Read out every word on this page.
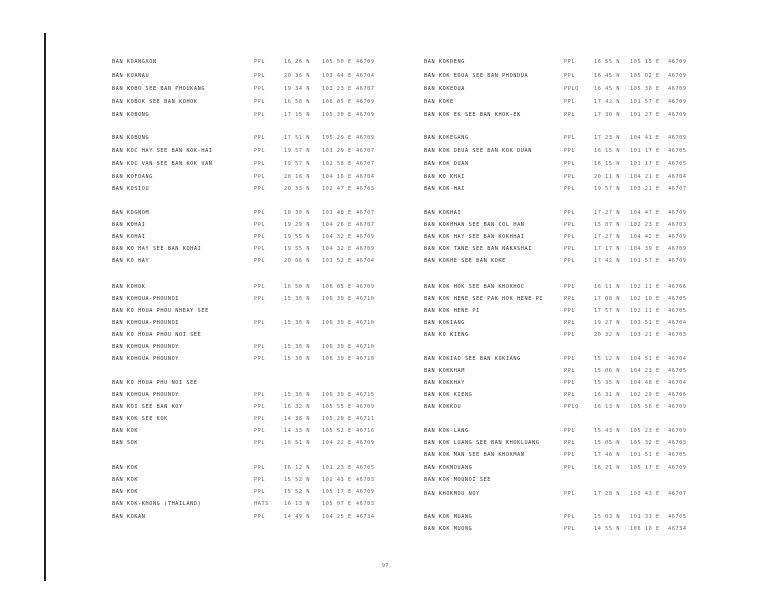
BAN KOANGXON	PPL	16 26 N 105 50 E 46709
BAN KOANAU	PPL	20 36 N 103 44 E 46704
BAN KOBO SEE BAN PHOUKANG	PPL	19 34 N 103 23 E 46707
BAN KOBOK SEE BAN KOHOK	PPL	16 50 N 106 05 E 46709
BAN KOBONG	PPL	17 15 N 105 30 E 46709
BAN KOBONG	PPL	17 51 N 105 29 E 46709
BAN KOC HAY SEE BAN KOK-HAI	PPL	19 57 N 103 29 E 46707
BAN KOC VAN SEE BAN KOK VAN	PPL	19 57 N 102 58 E 46707
BAN KOFOANG	PPL	20 16 N 104 16 E 46704
BAN KOSIOU	PPL	20 33 N 102 47 E 46703
BAN KOGNOM	PPL	18 30 N 103 48 E 46707
BAN KOHAI	PPL	19 29 N 104 26 E 46707
BAN KOHAI	PPL	19 55 N 104 32 E 46709
BAN KO HAY SEE BAN KOHAI	PPL	19 55 N 104 32 E 46709
BAN KO HAY	PPL	20 06 N 103 52 E 46704
BAN KOHOK	PPL	16 50 N 106 05 E 46709
BAN KOHOUA-PHOUNOI	PPL	15 30 N 106 39 E 46710
BAN KO HOUA PHOU NHEAY SEE
BAN KOHOUA-PHOUNOI	PPL	15 30 N 106 39 E 46710
BAN KO HOUA PHOU NOI SEE
BAN KOHOUA PHOUNOY	PPL	15 30 N 106 39 E 46710
BAN KOHOUA PHOUNOY	PPL	15 30 N 106 39 E 46710
BAN KO HOUA PHU NOI SEE
BAN KOHOUA PHOUNOY	PPL	15 30 N 106 39 E 46715
BAN KOI SEE BAN KOY	PPL	16 32 N 105 55 E 46709
BAN KOK SEE KOK	PPL	14 38 N 105 29 E 46711
BAN KOK	PPL	14 33 N 105 52 E 46716
BAN SOK	PPL	16 51 N 104 22 E 46709
BAN KOK	PPL	16 12 N 101 23 E 46705
BAN KOK	PPL	15 52 N 102 43 E 46703
BAN KOK	PPL	15 52 N 105 17 E 46709
BAN KOK-KHONG (THAILAND)	HATS	16 13 N 105 07 E 46703
BAN KOKAN	PPL	14 49 N 104 25 E 46734
BAN KOKDENG	PPL	16 55 N 105 15 E 46709
BAN KOK EDUA SEE BAN PHONDUA	PPL	16 45 N 105 02 E 46709
BAN KOKEDUA	PPLQ	16 45 N 105 30 E 46709
BAN KOKE	PPL	17 42 N 101 57 E 46709
BAN KOK EK SEE BAN KHOK-EK	PPL	17 30 N 101 27 E 46709
BAN KOKEGANG	PPL	17 23 N 104 41 E 46709
BAN KOK DEUA SEE BAN KOK DUAN	PPL	16 15 N 101 17 E 46705
BAN KOK DUAN	PPL	16 15 N 101 17 E 46705
BAN KO KHAI	PPL	20 11 N 104 21 E 46704
BAN KOK-HAI	PPL	19 57 N 103 21 E 46707
BAN KOKHAI	PPL	17 27 N 104 47 E 46709
BAN KOKHHAN SEE BAN COL HAN	PPL	15 07 N 102 23 E 46703
BAN KOK HAY SEE BAN KOKHHAI	PPL	17 27 N 104 42 E 46709
BAN KOK TANE SEE BAN NAKASHAI	PPL	17 17 N 104 39 E 46709
BAN KOKHE SEE BAN KOKE	PPL	17 42 N 101 57 E 46709
BAN KOK HOK SEE BAN KHOKHOC	PPL	16 11 N 102 11 E 46706
BAN KOK HENE SEE PAK HOK HENE PI	PPL	17 08 N 102 10 E 46705
BAN KOK HENE PI	PPL	17 57 N 102 11 E 46705
BAN KOKIANG	PPL	19 27 N 103 51 E 46704
BAN KO KIENG	PPL	20 32 N 103 21 E 46703
BAN KOKIAO SEE BAN KOKIANG	PPL	15 12 N 104 51 E 46704
BAN KOKKHAM	PPL	15 06 N 104 23 E 46705
BAN KOKKHAY	PPL	15 35 N 104 48 E 46704
BAN KOK KIENG	PPL	16 31 N 102 29 E 46706
BAN KOKKOU	PPLQ	16 13 N 105 56 E 46709
BAN KOK-LANG	PPL	15 43 N 105 23 E 46709
BAN KOK LUANG SEE BAN KHOKLUANG	PPL	15 05 N 105 32 E 46703
BAN KOK MAN SEE BAN KHOKMAN	PPL	17 46 N 101 51 E 46705
BAN KOKMOUANG	PPL	16 21 N 105 17 E 46709
BAN KOK MOUNOI SEE
BAN KHOKMOU NOY	PPL	17 28 N 103 43 E 46707
BAN KOK MUANG	PPL	15 03 N 101 33 E 46705
BAN KOK MUONG	PPL	14 55 N 106 10 E 46734
97
